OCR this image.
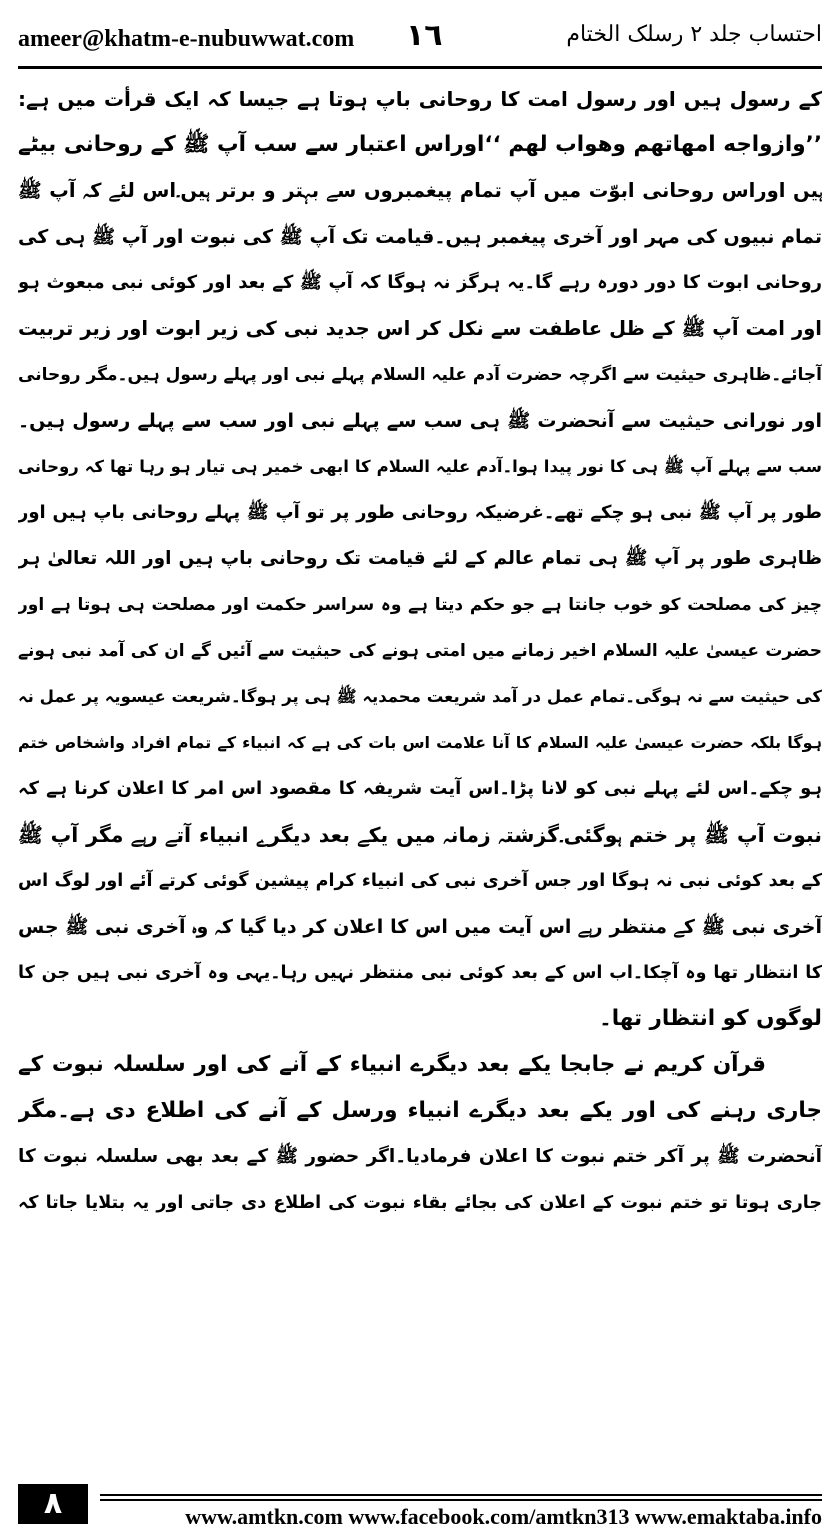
ameer@khatm-e-nubuwwat.com ١٦	احتساب جلد ۲ رسلک الختام
کے رسول ہیں اور رسول امت کا روحانی باپ ہوتا ہے جیسا کہ ایک قرأت میں ہے:
’’وازواجه امهاتهم وهواب لهم ‘‘اوراس اعتبار سے سب آپ ﷺ کے روحانی بیٹے
ہیں اوراس روحانی ابوّت میں آپ تمام پیغمبروں سے بہتر و برتر ہیں۔اس لئے کہ آپ ﷺ
تمام نبیوں کی مہر اور آخری پیغمبر ہیں۔قیامت تک آپ ﷺ کی نبوت اور آپ ﷺ ہی کی
روحانی ابوت کا دور دورہ رہے گا۔یہ ہرگز نہ ہوگا کہ آپ ﷺ کے بعد اور کوئی نبی مبعوث ہو
اور امت آپ ﷺ کے ظل عاطفت سے نکل کر اس جدید نبی کی زیر ابوت اور زیر تربیت
آجائے۔ظاہری حیثیت سے اگرچہ حضرت آدم علیہ السلام پہلے نبی اور پہلے رسول ہیں۔مگر روحانی
اور نورانی حیثیت سے آنحضرت ﷺ ہی سب سے پہلے نبی اور سب سے پہلے رسول ہیں۔
سب سے پہلے آپ ﷺ ہی کا نور پیدا ہوا۔آدم علیہ السلام کا ابھی خمیر ہی تیار ہو رہا تھا کہ روحانی
طور پر آپ ﷺ نبی ہو چکے تھے۔غرضیکہ روحانی طور پر تو آپ ﷺ پہلے روحانی باپ ہیں اور
ظاہری طور پر آپ ﷺ ہی تمام عالم کے لئے قیامت تک روحانی باپ ہیں اور اللہ تعالیٰ ہر
چیز کی مصلحت کو خوب جانتا ہے جو حکم دیتا ہے وہ سراسر حکمت اور مصلحت ہی ہوتا ہے اور
حضرت عیسیٰ علیہ السلام اخیر زمانے میں امتی ہونے کی حیثیت سے آئیں گے ان کی آمد نبی ہونے
کی حیثیت سے نہ ہوگی۔تمام عمل در آمد شریعت محمدیہ ﷺ ہی پر ہوگا۔شریعت عیسویہ پر عمل نہ
ہوگا بلکہ حضرت عیسیٰ علیہ السلام کا آنا علامت اس بات کی ہے کہ انبیاء کے تمام افراد واشخاص ختم
ہو چکے۔اس لئے پہلے نبی کو لانا پڑا۔اس آیت شریفہ کا مقصود اس امر کا اعلان کرنا ہے کہ
نبوت آپ ﷺ پر ختم ہوگئی۔گزشتہ زمانہ میں یکے بعد دیگرے انبیاء آتے رہے مگر آپ ﷺ
کے بعد کوئی نبی نہ ہوگا اور جس آخری نبی کی انبیاء کرام پیشین گوئی کرتے آئے اور لوگ اس
آخری نبی ﷺ کے منتظر رہے اس آیت میں اس کا اعلان کر دیا گیا کہ وہ آخری نبی ﷺ جس
کا انتظار تھا وہ آچکا۔اب اس کے بعد کوئی نبی منتظر نہیں رہا۔یہی وہ آخری نبی ہیں جن کا
لوگوں کو انتظار تھا۔
قرآن کریم نے جابجا یکے بعد دیگرے انبیاء کے آنے کی اور سلسلہ نبوت کے
جاری رہنے کی اور یکے بعد دیگرے انبیاء ورسل کے آنے کی اطلاع دی ہے۔مگر
آنحضرت ﷺ پر آکر ختم نبوت کا اعلان فرمادیا۔اگر حضور ﷺ کے بعد بھی سلسلہ نبوت کا
جاری ہوتا تو ختم نبوت کے اعلان کی بجائے بقاء نبوت کی اطلاع دی جاتی اور یہ بتلایا جاتا کہ
٨	www.amtkn.com www.facebook.com/amtkn313 www.emaktaba.info
